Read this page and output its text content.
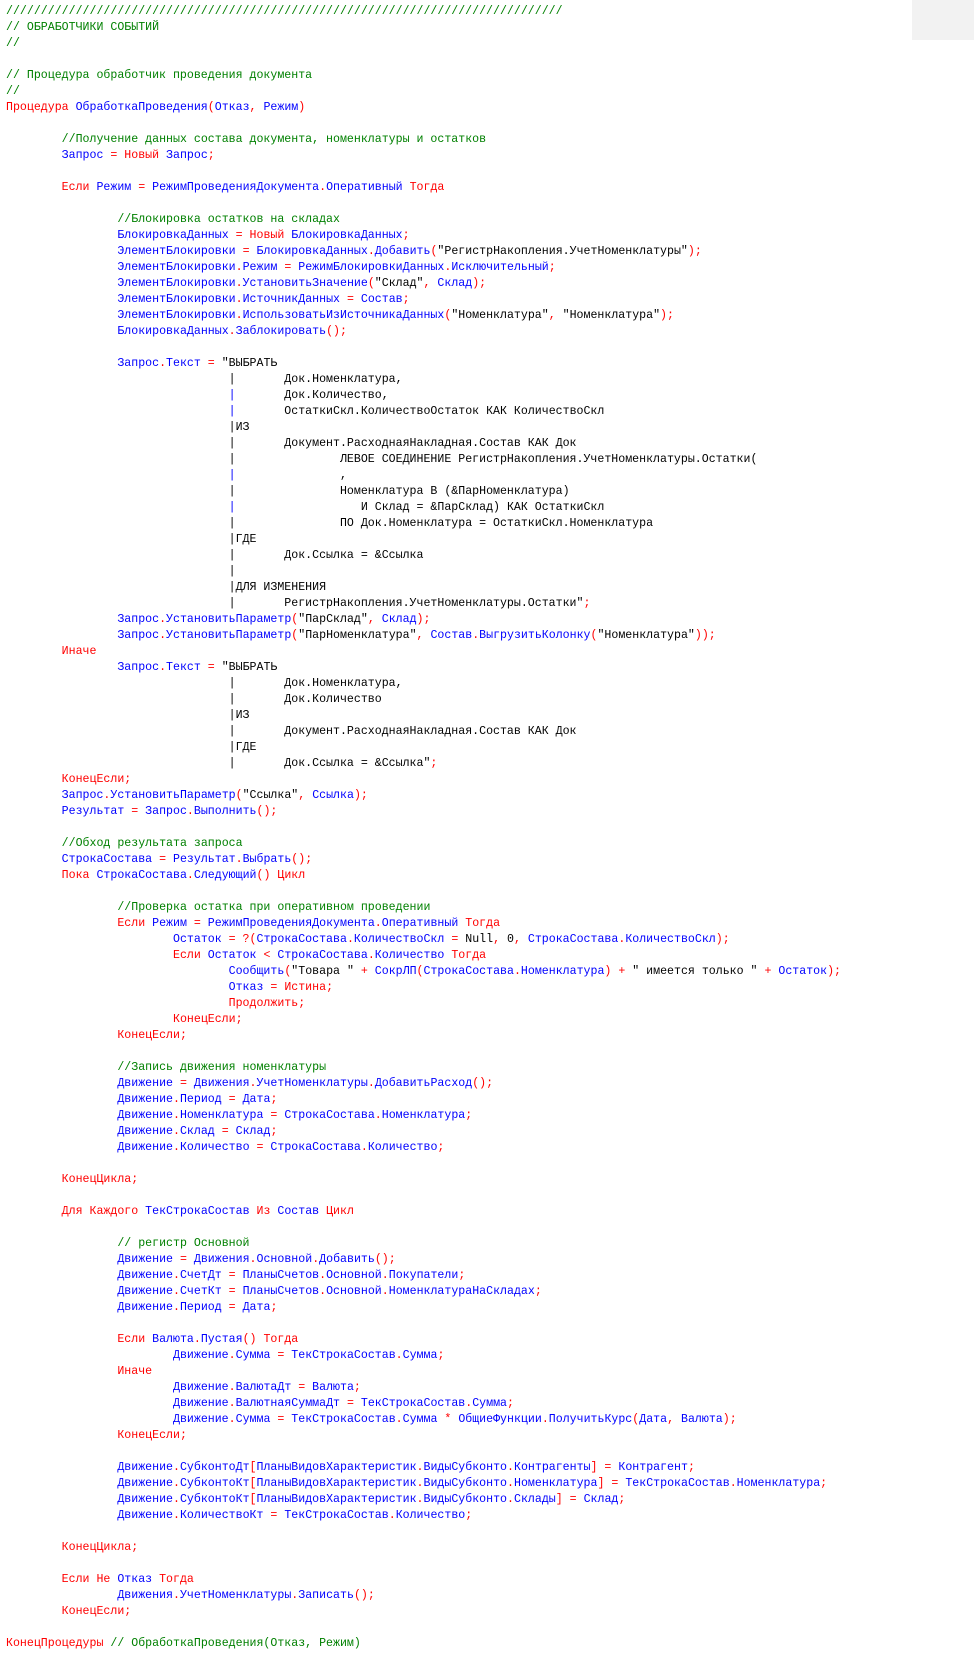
////////////////////////////////////////////////////////////////////////////////
// ОБРАБОТЧИКИ СОБЫТИЙ
//
// Процедура обработчик проведения документа
//
Процедура ОбработкаПроведения(Отказ, Режим)
//Получение данных состава документа, номенклатуры и остатков
Запрос = Новый Запрос;
Если Режим = РежимПроведенияДокумента.Оперативный Тогда
//Блокировка остатков на складах
БлокировкаДанных = Новый БлокировкаДанных;
ЭлементБлокировки = БлокировкаДанных.Добавить("РегистрНакопления.УчетНоменклатуры");
ЭлементБлокировки.Режим = РежимБлокировкиДанных.Исключительный;
ЭлементБлокировки.УстановитьЗначение("Склад", Склад);
ЭлементБлокировки.ИсточникДанных = Состав;
ЭлементБлокировки.ИспользоватьИзИсточникаДанных("Номенклатура", "Номенклатура");
БлокировкаДанных.Заблокировать();
Запрос.Текст = "ВЫБРАТЬ
|       Док.Номенклатура,
|       Док.Количество,
|       ОстаткиСкл.КоличествоОстаток КАК КоличествоСкл
|ИЗ
|       Документ.РасходнаяНакладная.Состав КАК Док
|               ЛЕВОЕ СОЕДИНЕНИЕ РегистрНакопления.УчетНоменклатуры.Остатки(
|               ,
|               Номенклатура В (&ПарНоменклатура)
|                  И Склад = &ПарСклад) КАК ОстаткиСкл
|               ПО Док.Номенклатура = ОстаткиСкл.Номенклатура
|ГДЕ
|       Док.Ссылка = &Ссылка
|
|ДЛЯ ИЗМЕНЕНИЯ
|       РегистрНакопления.УчетНоменклатуры.Остатки";
Запрос.УстановитьПараметр("ПарСклад", Склад);
Запрос.УстановитьПараметр("ПарНоменклатура", Состав.ВыгрузитьКолонку("Номенклатура"));
Иначе
Запрос.Текст = "ВЫБРАТЬ
|       Док.Номенклатура,
|       Док.Количество
|ИЗ
|       Документ.РасходнаяНакладная.Состав КАК Док
|ГДЕ
|       Док.Ссылка = &Ссылка";
КонецЕсли;
Запрос.УстановитьПараметр("Ссылка", Ссылка);
Результат = Запрос.Выполнить();
//Обход результата запроса
СтрокаСостава = Результат.Выбрать();
Пока СтрокаСостава.Следующий() Цикл
//Проверка остатка при оперативном проведении
Если Режим = РежимПроведенияДокумента.Оперативный Тогда
Остаток = ?(СтрокаСостава.КоличествоСкл = Null, 0, СтрокаСостава.КоличествоСкл);
Если Остаток < СтрокаСостава.Количество Тогда
Сообщить("Товара " + СокрЛП(СтрокаСостава.Номенклатура) + " имеется только " + Остаток);
Отказ = Истина;
Продолжить;
КонецЕсли;
КонецЕсли;
//Запись движения номенклатуры
Движение = Движения.УчетНоменклатуры.ДобавитьРасход();
Движение.Период = Дата;
Движение.Номенклатура = СтрокаСостава.Номенклатура;
Движение.Склад = Склад;
Движение.Количество = СтрокаСостава.Количество;
КонецЦикла;
Для Каждого ТекСтрокаСостав Из Состав Цикл
// регистр Основной
Движение = Движения.Основной.Добавить();
Движение.СчетДт = ПланыСчетов.Основной.Покупатели;
Движение.СчетКт = ПланыСчетов.Основной.НоменклатураНаСкладах;
Движение.Период = Дата;
Если Валюта.Пустая() Тогда
Движение.Сумма = ТекСтрокаСостав.Сумма;
Иначе
Движение.ВалютаДт = Валюта;
Движение.ВалютнаяСуммаДт = ТекСтрокаСостав.Сумма;
Движение.Сумма = ТекСтрокаСостав.Сумма * ОбщиеФункции.ПолучитьКурс(Дата, Валюта);
КонецЕсли;
Движение.СубконтоДт[ПланыВидовХарактеристик.ВидыСубконто.Контрагенты] = Контрагент;
Движение.СубконтоКт[ПланыВидовХарактеристик.ВидыСубконто.Номенклатура] = ТекСтрокаСостав.Номенклатура;
Движение.СубконтоКт[ПланыВидовХарактеристик.ВидыСубконто.Склады] = Склад;
Движение.КоличествоКт = ТекСтрокаСостав.Количество;
КонецЦикла;
Если Не Отказ Тогда
Движения.УчетНоменклатуры.Записать();
КонецЕсли;
КонецПроцедуры // ОбработкаПроведения(Отказ, Режим)
